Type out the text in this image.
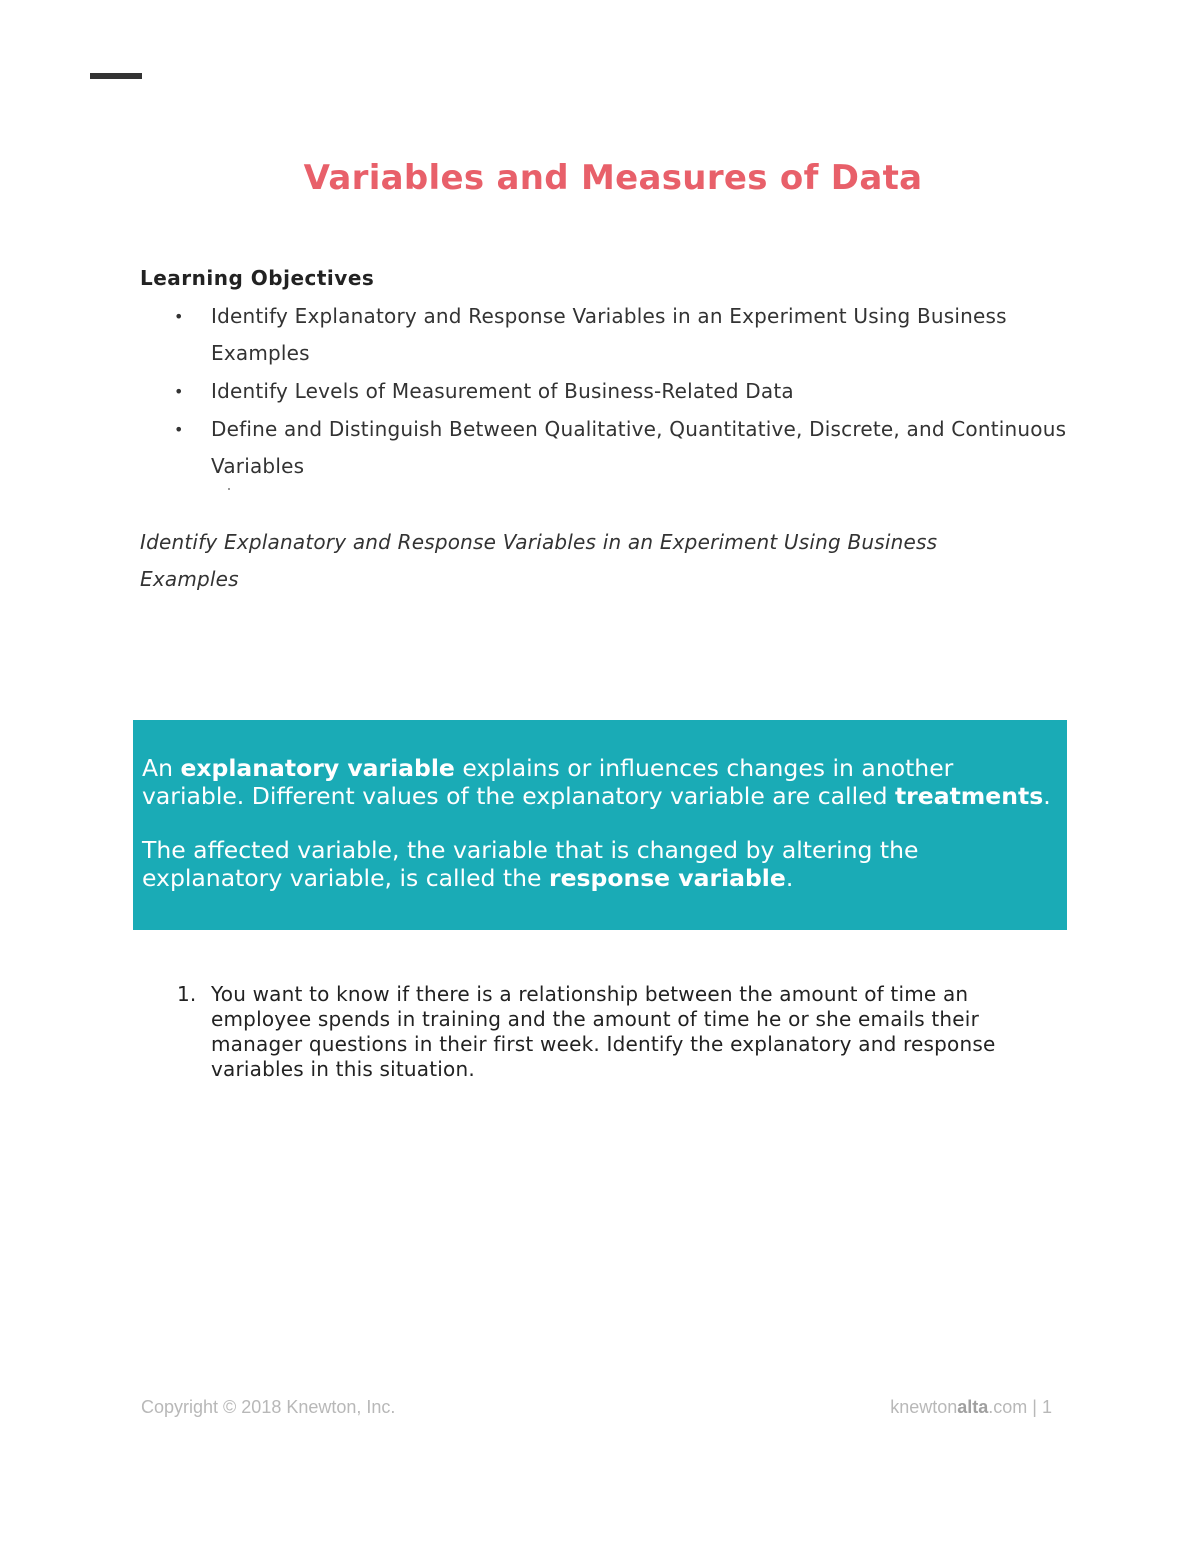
Variables and Measures of Data
Learning Objectives
• Identify Explanatory and Response Variables in an Experiment Using Business Examples
• Identify Levels of Measurement of Business-Related Data
• Define and Distinguish Between Qualitative, Quantitative, Discrete, and Continuous Variables
Identify Explanatory and Response Variables in an Experiment Using Business Examples

An explanatory variable explains or influences changes in another variable. Different values of the explanatory variable are called treatments.

The affected variable, the variable that is changed by altering the explanatory variable, is called the response variable.

1. You want to know if there is a relationship between the amount of time an employee spends in training and the amount of time he or she emails their manager questions in their first week. Identify the explanatory and response variables in this situation.
Copyright © 2018 Knewton, Inc.	knewtonalta.com | 1
